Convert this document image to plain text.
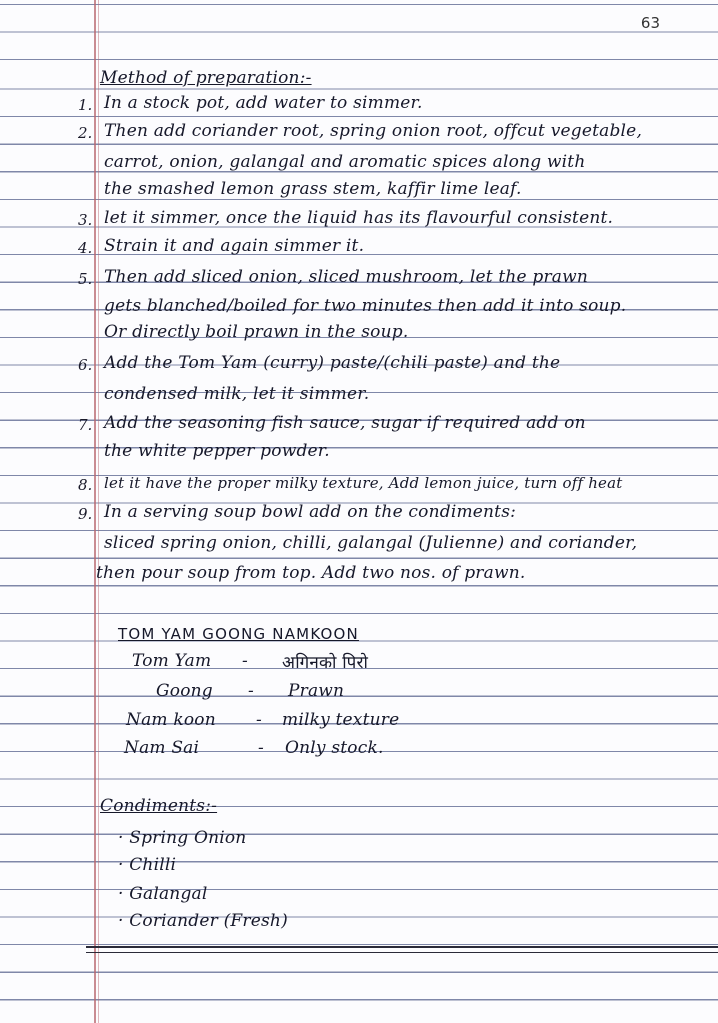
63
Method of preparation:-
1. In a stock pot, add water to simmer.
2. Then add coriander root, spring onion root, offcut vegetable,
carrot, onion, galangal and aromatic spices along with
the smashed lemon grass stem, kaffir lime leaf.
3. let it simmer, once the liquid has its flavourful consistent.
4. Strain it and again simmer it.
5. Then add sliced onion, sliced mushroom, let the prawn
gets blanched/boiled for two minutes then add it into soup.
Or directly boil prawn in the soup.
6. Add the Tom Yam (curry) paste/(chili paste) and the
condensed milk, let it simmer.
7. Add the seasoning fish sauce, sugar if required add on
the white pepper powder.
8. let it have the proper milky texture, Add lemon juice, turn off heat
9. In a serving soup bowl add on the condiments:
sliced spring onion, chilli, galangal (Julienne) and coriander,
then pour soup from top. Add two nos. of prawn.
TOM YAM GOONG NAMKOON
Tom Yam - अगिनको पिरो
Goong - Prawn
Nam koon - milky texture
Nam Sai	- Only stock.
Condiments:-
· Spring Onion
· Chilli
· Galangal
· Coriander (Fresh)
